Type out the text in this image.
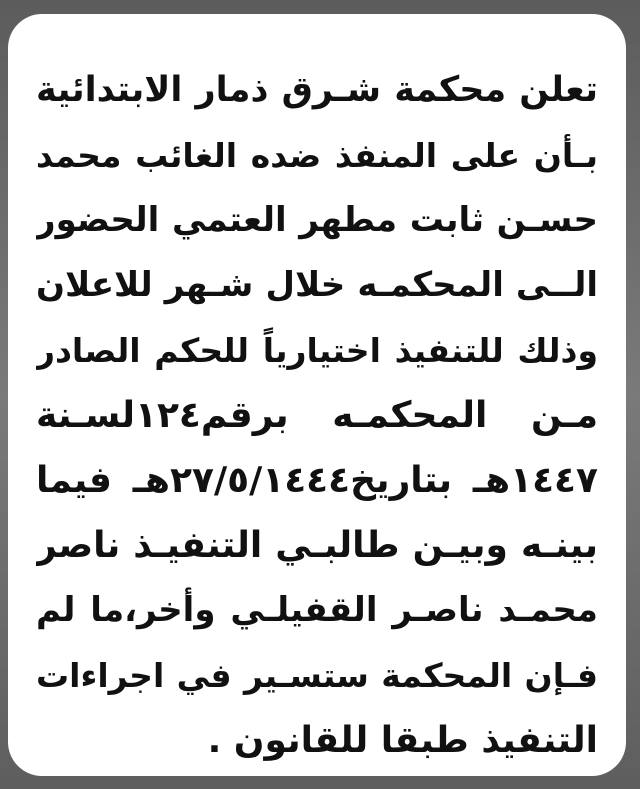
تعلن محكمة شـرق ذمار الابتدائية
بـأن على المنفذ ضده الغائب محمد
حسـن ثابت مطهر العتمي الحضور
الــى المحكمـه خلال شـهر للاعلان
وذلك للتنفيذ اختيارياً للحكم الصادر
مـن المحكمـه برقم١٢٤لسـنة
١٤٤٧هـ بتاريخ٢٧/٥/١٤٤٤هـ فيما
بينـه وبيـن طالبـي التنفيـذ ناصر
محمـد ناصـر القفيلـي وأخر،ما لم
فـإن المحكمة ستسـير في اجراءات
التنفيذ طبقا للقانون .
